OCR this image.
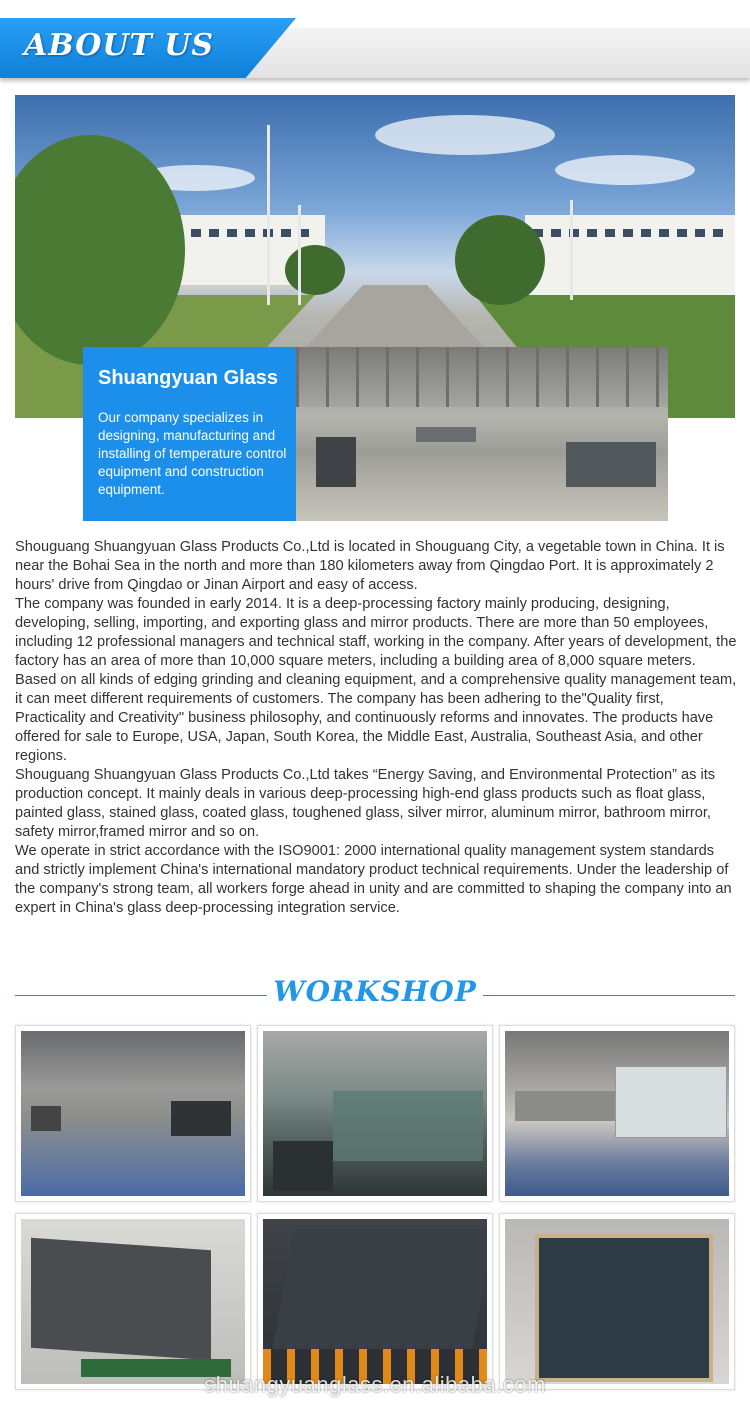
ABOUT US
Shuangyuan Glass
Our company specializes in designing, manufacturing and installing of temperature control equipment and construction equipment.

Shouguang Shuangyuan Glass Products Co.,Ltd is located in Shouguang City, a vegetable town in China. It is near the Bohai Sea in the north and more than 180 kilometers away from Qingdao Port. It is approximately 2 hours' drive from Qingdao or Jinan Airport and easy of access.

The company was founded in early 2014. It is a deep-processing factory mainly producing, designing, developing, selling, importing, and exporting glass and mirror products. There are more than 50 employees, including 12 professional managers and technical staff, working in the company. After years of development, the factory has an area of more than 10,000 square meters, including a building area of 8,000 square meters. Based on all kinds of edging grinding and cleaning equipment, and a comprehensive quality management team, it can meet different requirements of customers. The company has been adhering to the"Quality first, Practicality and Creativity" business philosophy, and continuously reforms and innovates. The products have offered for sale to Europe, USA, Japan, South Korea, the Middle East, Australia, Southeast Asia, and other regions.

Shouguang Shuangyuan Glass Products Co.,Ltd takes “Energy Saving, and Environmental Protection” as its production concept. It mainly deals in various deep-processing high-end glass products such as float glass, painted glass, stained glass, coated glass, toughened glass, silver mirror, aluminum mirror, bathroom mirror, safety mirror,framed mirror and so on.

We operate in strict accordance with the ISO9001: 2000 international quality management system standards and strictly implement China's international mandatory product technical requirements. Under the leadership of the company's strong team, all workers forge ahead in unity and are committed to shaping the company into an expert in China's glass deep-processing integration service.

WORKSHOP
shuangyuanglass.en.alibaba.com
